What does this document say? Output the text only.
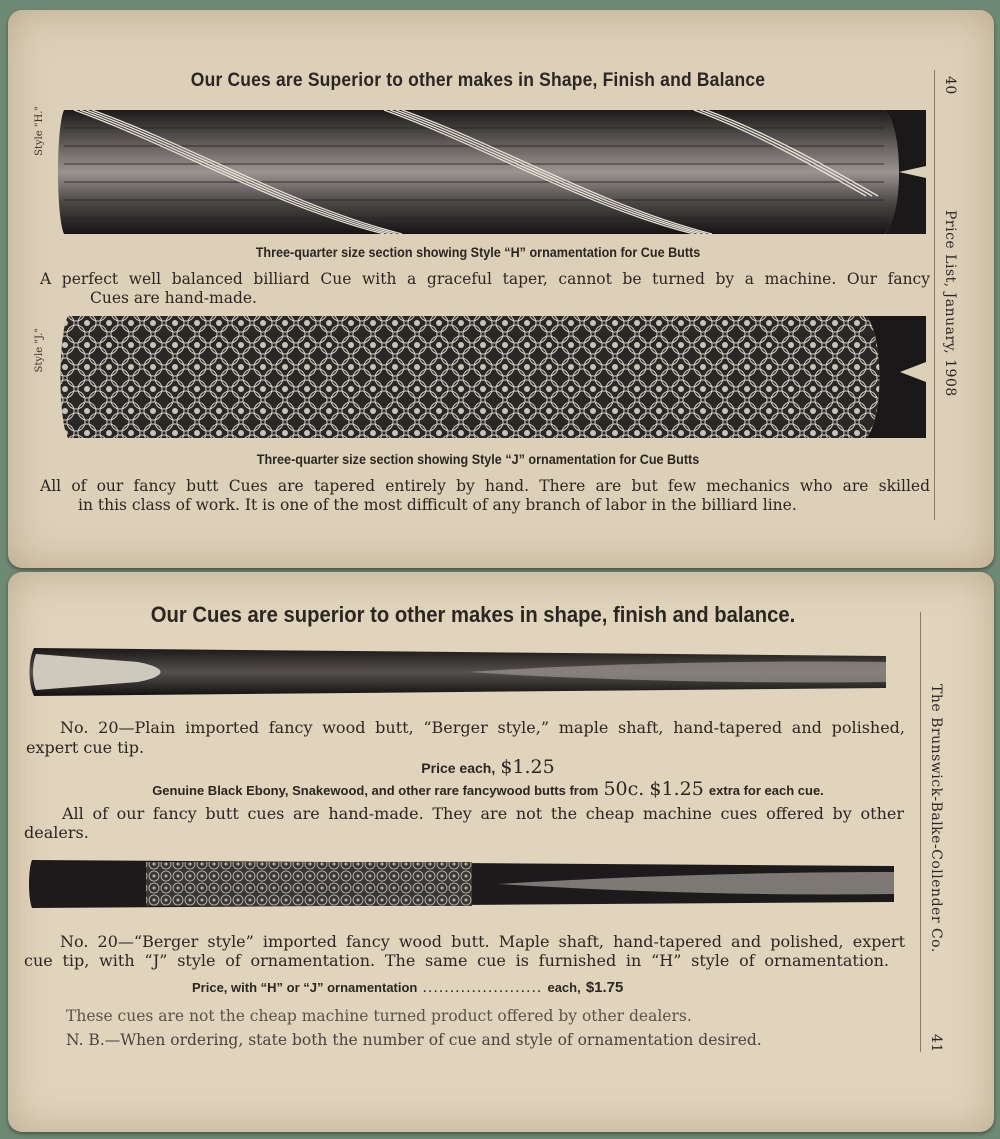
Our Cues are Superior to other makes in Shape, Finish and Balance
Style "H."
Three-quarter size section showing Style “H” ornamentation for Cue Butts
A perfect well balanced billiard Cue with a graceful taper, cannot be turned by a machine. Our fancy
Cues are hand-made.
Style "J."
Three-quarter size section showing Style “J” ornamentation for Cue Butts
All of our fancy butt Cues are tapered entirely by hand. There are but few mechanics who are skilled
in this class of work. It is one of the most difficult of any branch of labor in the billiard line.
40
Price List, January, 1908
Our Cues are superior to other makes in shape, finish and balance.
No. 20—Plain imported fancy wood butt, “Berger style,” maple shaft, hand-tapered and polished,
expert cue tip.
Price each, $1.25
Genuine Black Ebony, Snakewood, and other rare fancywood butts from 50c. $1.25 extra for each cue.
All of our fancy butt cues are hand-made. They are not the cheap machine cues offered by other
dealers.
No. 20—“Berger style” imported fancy wood butt. Maple shaft, hand-tapered and polished, expert
cue tip, with “J” style of ornamentation. The same cue is furnished in “H” style of ornamentation.
Price, with “H” or “J” ornamentation ...................... each, $1.75
These cues are not the cheap machine turned product offered by other dealers.
N. B.—When ordering, state both the number of cue and style of ornamentation desired.
The Brunswick-Balke-Collender Co.
41
